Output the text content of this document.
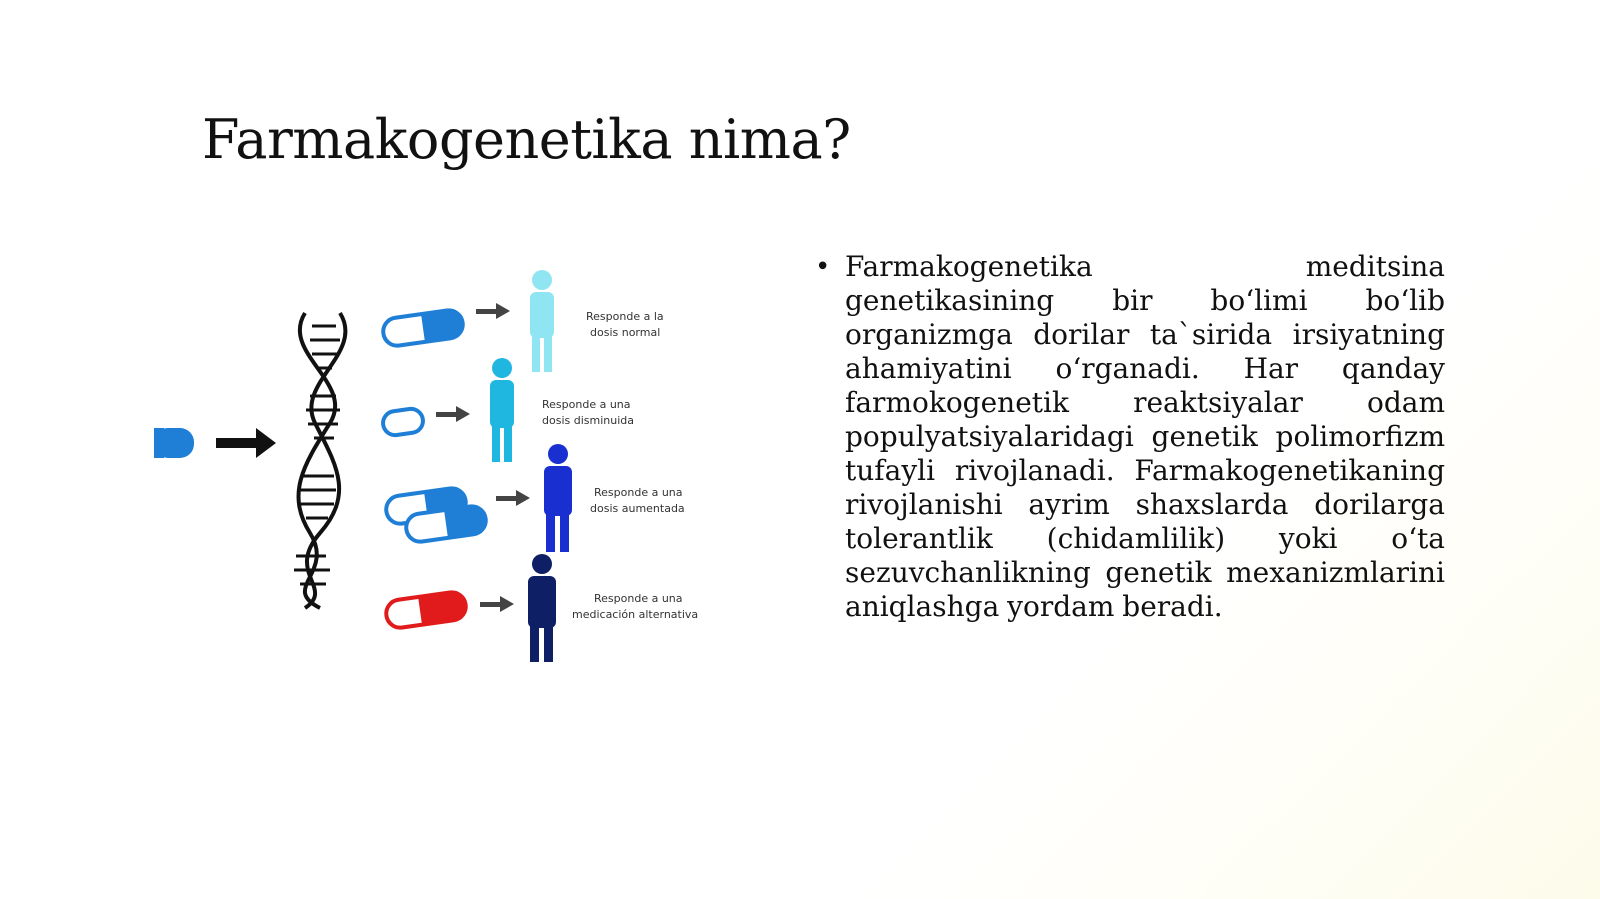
Farmakogenetika nima?
Responde a la
dosis normal
Responde a una
dosis disminuida
Responde a una
dosis aumentada
Responde a una
medicación alternativa
• Farmakogenetika meditsina genetikasining bir bo‘limi bo‘lib organizmga dorilar ta`sirida irsiyatning ahamiyatini o‘rganadi. Har qanday farmokogenetik reaktsiyalar odam populyatsiyalaridagi genetik polimorfizm tufayli rivojlanadi. Farmakogenetikaning rivojlanishi ayrim shaxslarda dorilarga tolerantlik (chidamlilik) yoki o‘ta sezuvchanlikning genetik mexanizmlarini aniqlashga yordam beradi.
